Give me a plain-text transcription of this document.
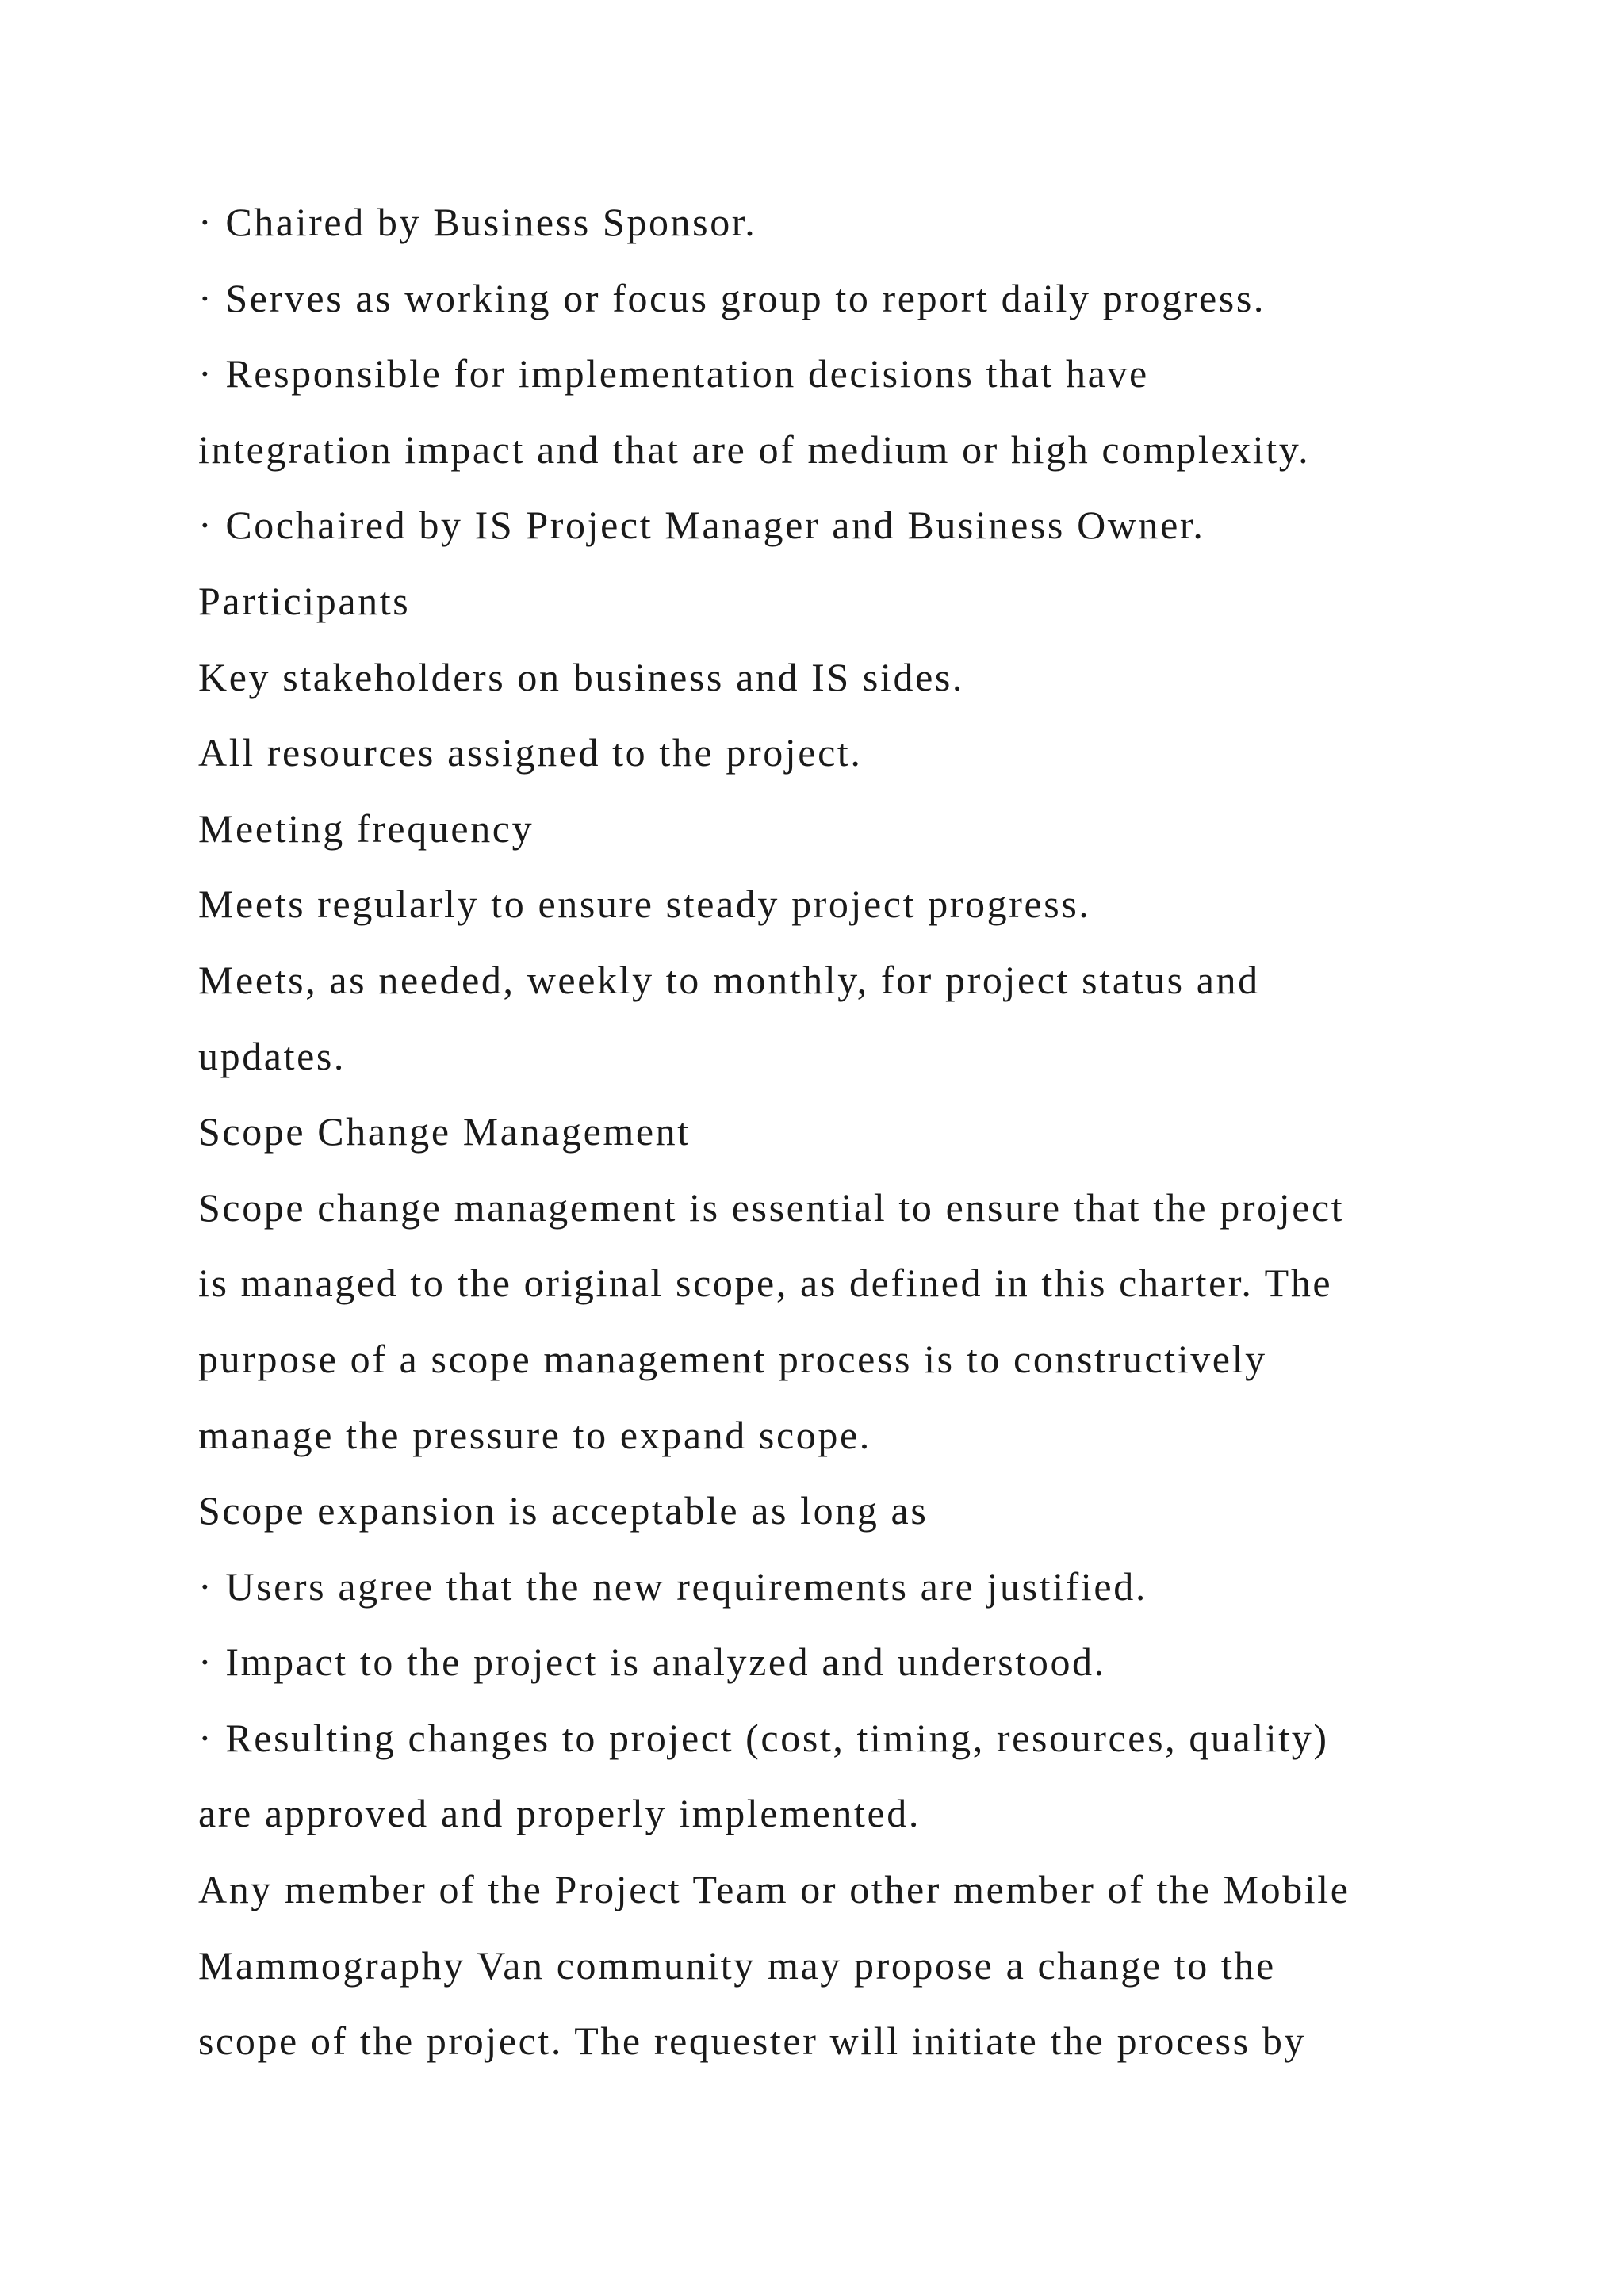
· Chaired by Business Sponsor.
· Serves as working or focus group to report daily progress.
· Responsible for implementation decisions that have
integration impact and that are of medium or high complexity.
· Cochaired by IS Project Manager and Business Owner.
Participants
Key stakeholders on business and IS sides.
All resources assigned to the project.
Meeting frequency
Meets regularly to ensure steady project progress.
Meets, as needed, weekly to monthly, for project status and
updates.
Scope Change Management
Scope change management is essential to ensure that the project
is managed to the original scope, as defined in this charter. The
purpose of a scope management process is to constructively
manage the pressure to expand scope.
Scope expansion is acceptable as long as
· Users agree that the new requirements are justified.
· Impact to the project is analyzed and understood.
· Resulting changes to project (cost, timing, resources, quality)
are approved and properly implemented.
Any member of the Project Team or other member of the Mobile
Mammography Van community may propose a change to the
scope of the project. The requester will initiate the process by
